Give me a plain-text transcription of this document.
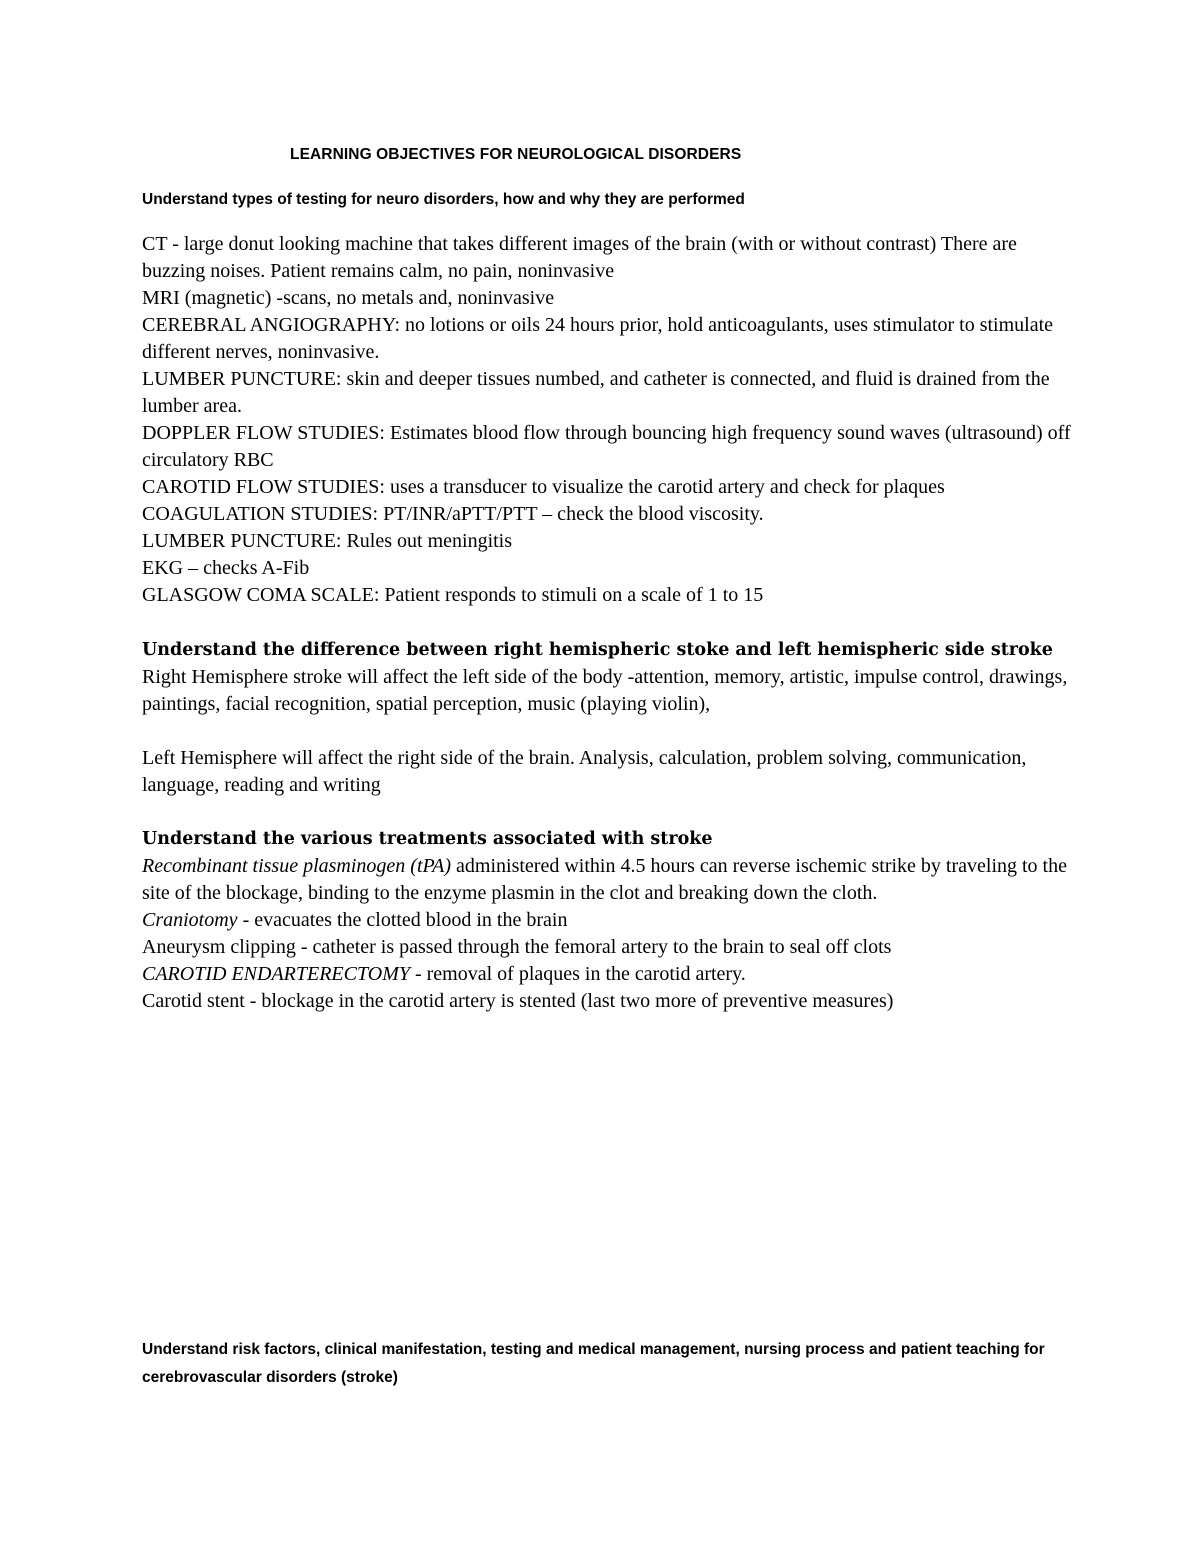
LEARNING OBJECTIVES FOR NEUROLOGICAL DISORDERS
Understand types of testing for neuro disorders, how and why they are performed

CT - large donut looking machine that takes different images of the brain (with or without contrast) There are buzzing noises. Patient remains calm, no pain, noninvasive

MRI (magnetic) -scans, no metals and, noninvasive

CEREBRAL ANGIOGRAPHY: no lotions or oils 24 hours prior, hold anticoagulants, uses stimulator to stimulate different nerves, noninvasive.

LUMBER PUNCTURE: skin and deeper tissues numbed, and catheter is connected, and fluid is drained from the lumber area.

DOPPLER FLOW STUDIES: Estimates blood flow through bouncing high frequency sound waves (ultrasound) off circulatory RBC

CAROTID FLOW STUDIES: uses a transducer to visualize the carotid artery and check for plaques

COAGULATION STUDIES: PT/INR/aPTT/PTT – check the blood viscosity.

LUMBER PUNCTURE: Rules out meningitis

EKG – checks A-Fib

GLASGOW COMA SCALE: Patient responds to stimuli on a scale of 1 to 15

Understand the difference between right hemispheric stoke and left hemispheric side stroke

Right Hemisphere stroke will affect the left side of the body -attention, memory, artistic, impulse control, drawings, paintings, facial recognition, spatial perception, music (playing violin),

Left Hemisphere will affect the right side of the brain. Analysis, calculation, problem solving, communication, language, reading and writing

Understand the various treatments associated with stroke

Recombinant tissue plasminogen (tPA) administered within 4.5 hours can reverse ischemic strike by traveling to the site of the blockage, binding to the enzyme plasmin in the clot and breaking down the cloth.

Craniotomy - evacuates the clotted blood in the brain

Aneurysm clipping - catheter is passed through the femoral artery to the brain to seal off clots

CAROTID ENDARTERECTOMY - removal of plaques in the carotid artery.

Carotid stent - blockage in the carotid artery is stented (last two more of preventive measures)

Understand risk factors, clinical manifestation, testing and medical management, nursing process and patient teaching for cerebrovascular disorders (stroke)
